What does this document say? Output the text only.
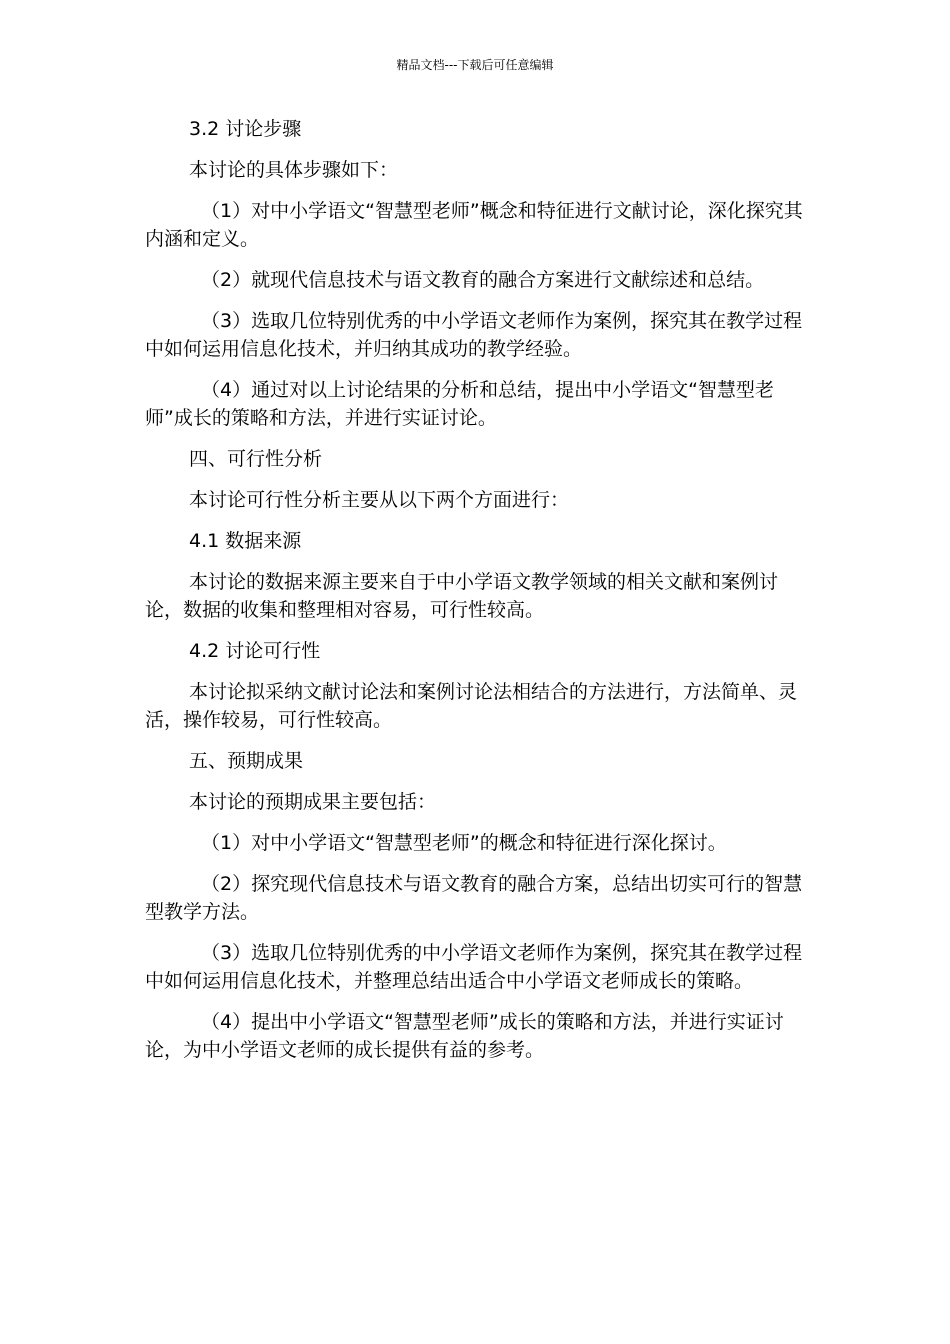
精品文档---下载后可任意编辑

3.2 讨论步骤

本讨论的具体步骤如下：

（1）对中小学语文“智慧型老师”概念和特征进行文献讨论，深化探究其内涵和定义。

（2）就现代信息技术与语文教育的融合方案进行文献综述和总结。

（3）选取几位特别优秀的中小学语文老师作为案例，探究其在教学过程中如何运用信息化技术，并归纳其成功的教学经验。

（4）通过对以上讨论结果的分析和总结，提出中小学语文“智慧型老师”成长的策略和方法，并进行实证讨论。

四、可行性分析

本讨论可行性分析主要从以下两个方面进行：

4.1 数据来源

本讨论的数据来源主要来自于中小学语文教学领域的相关文献和案例讨论，数据的收集和整理相对容易，可行性较高。

4.2 讨论可行性

本讨论拟采纳文献讨论法和案例讨论法相结合的方法进行，方法简单、灵活，操作较易，可行性较高。

五、预期成果

本讨论的预期成果主要包括：

（1）对中小学语文“智慧型老师”的概念和特征进行深化探讨。

（2）探究现代信息技术与语文教育的融合方案，总结出切实可行的智慧型教学方法。

（3）选取几位特别优秀的中小学语文老师作为案例，探究其在教学过程中如何运用信息化技术，并整理总结出适合中小学语文老师成长的策略。

（4）提出中小学语文“智慧型老师”成长的策略和方法，并进行实证讨论，为中小学语文老师的成长提供有益的参考。
